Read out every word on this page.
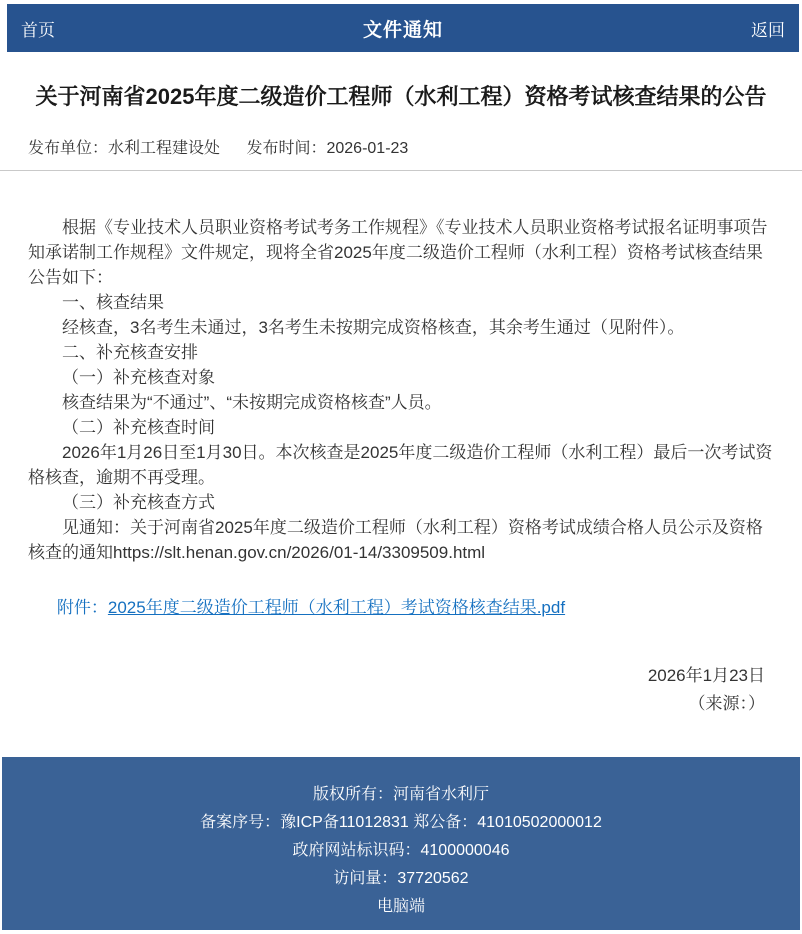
首页	文件通知	返回
关于河南省2025年度二级造价工程师（水利工程）资格考试核查结果的公告
发布单位：水利工程建设处 发布时间：2026-01-23

根据《专业技术人员职业资格考试考务工作规程》《专业技术人员职业资格考试报名证明事项告知承诺制工作规程》文件规定，现将全省2025年度二级造价工程师（水利工程）资格考试核查结果公告如下：

一、核查结果

经核查，3名考生未通过，3名考生未按期完成资格核查，其余考生通过（见附件）。

二、补充核查安排

（一）补充核查对象

核查结果为“不通过”、“未按期完成资格核查”人员。

（二）补充核查时间

2026年1月26日至1月30日。本次核查是2025年度二级造价工程师（水利工程）最后一次考试资格核查，逾期不再受理。

（三）补充核查方式

见通知：关于河南省2025年度二级造价工程师（水利工程）资格考试成绩合格人员公示及资格核查的通知https://slt.henan.gov.cn/2026/01-14/3309509.html

附件：2025年度二级造价工程师（水利工程）考试资格核查结果.pdf
2026年1月23日
（来源：）
版权所有：河南省水利厅
备案序号：豫ICP备11012831 郑公备：41010502000012
政府网站标识码：4100000046
访问量：37720562
电脑端
